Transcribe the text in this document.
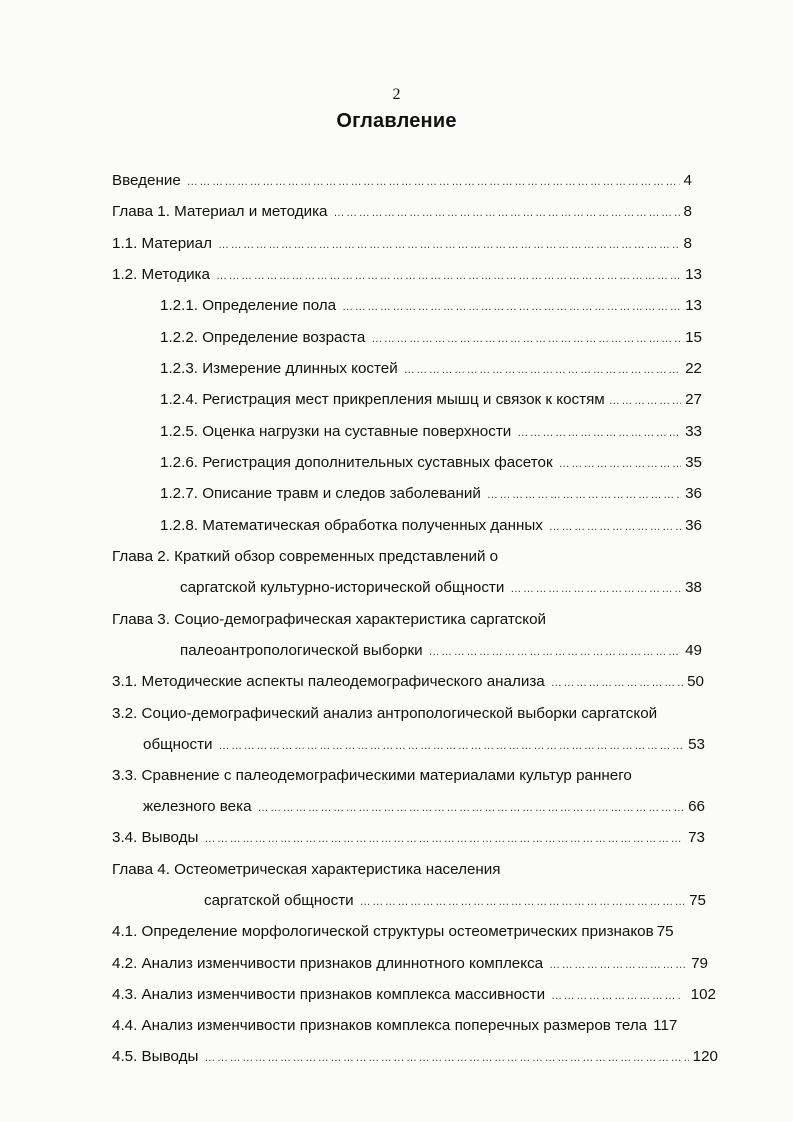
2
Оглавление
Введение ……………………………………………………………………………………………………………………………………………………………………………………	4
Глава 1. Материал и методика ……………………………………………………………………………………………………………………………………………………………………………………	8
1.1. Материал ……………………………………………………………………………………………………………………………………………………………………………………	8
1.2. Методика ……………………………………………………………………………………………………………………………………………………………………………………	13
1.2.1. Определение пола ……………………………………………………………………………………………………………………………………………………………………………………	13
1.2.2. Определение возраста ……………………………………………………………………………………………………………………………………………………………………………………	15
1.2.3. Измерение длинных костей ……………………………………………………………………………………………………………………………………………………………………………………	22
1.2.4. Регистрация мест прикрепления мышц и связок к костям ……………………………………………………………………………………………………………………………………………………………………………………	27
1.2.5. Оценка нагрузки на суставные поверхности ……………………………………………………………………………………………………………………………………………………………………………………	33
1.2.6. Регистрация дополнительных суставных фасеток ……………………………………………………………………………………………………………………………………………………………………………………	35
1.2.7. Описание травм и следов заболеваний ……………………………………………………………………………………………………………………………………………………………………………………	36
1.2.8. Математическая обработка полученных данных ……………………………………………………………………………………………………………………………………………………………………………………	36
Глава 2. Краткий обзор современных представлений о
саргатской культурно-исторической общности ……………………………………………………………………………………………………………………………………………………………………………………	38
Глава 3. Социо-демографическая характеристика саргатской
палеоантропологической выборки ……………………………………………………………………………………………………………………………………………………………………………………	49
3.1. Методические аспекты палеодемографического анализа ……………………………………………………………………………………………………………………………………………………………………………………	50
3.2. Социо-демографический анализ антропологической выборки саргатской
общности ……………………………………………………………………………………………………………………………………………………………………………………	53
3.3. Сравнение с палеодемографическими материалами культур раннего
железного века ……………………………………………………………………………………………………………………………………………………………………………………	66
3.4. Выводы ……………………………………………………………………………………………………………………………………………………………………………………	73
Глава 4. Остеометрическая характеристика населения
саргатской общности ……………………………………………………………………………………………………………………………………………………………………………………	75
4.1. Определение морфологической структуры остеометрических признаков 75
4.2. Анализ изменчивости признаков длиннотного комплекса ……………………………………………………………………………………………………………………………………………………………………………………	79
4.3. Анализ изменчивости признаков комплекса массивности ……………………………………………………………………………………………………………………………………………………………………………………	102
4.4. Анализ изменчивости признаков комплекса поперечных размеров тела 117
4.5. Выводы ……………………………………………………………………………………………………………………………………………………………………………………	120
